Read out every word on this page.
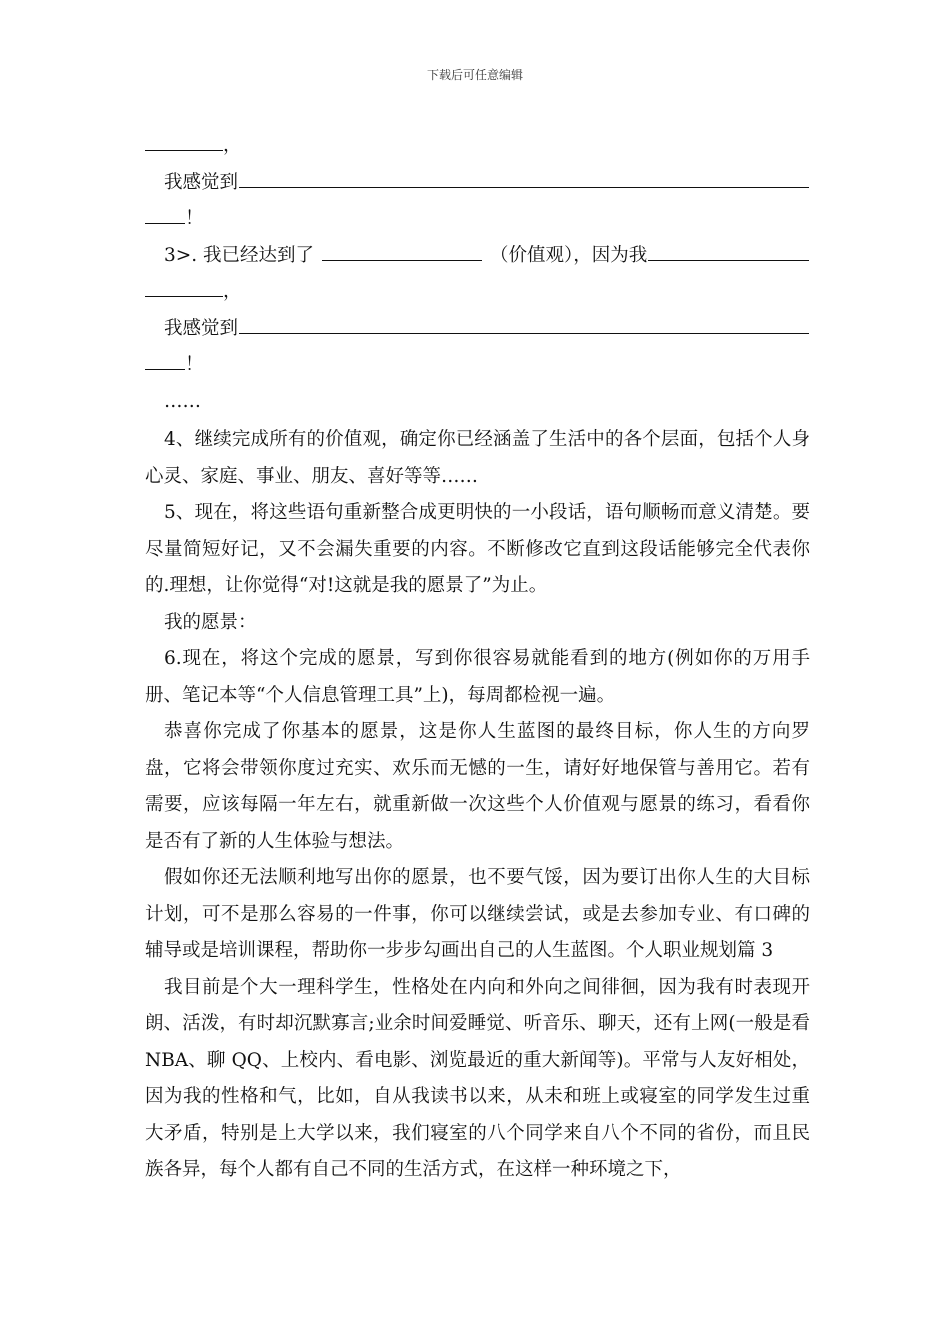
下载后可任意编辑
，
我感觉到
！
3>. 我已经达到了	（价值观），因为我
，
我感觉到
！
……
4、继续完成所有的价值观，确定你已经涵盖了生活中的各个层面，包括个人身心灵、家庭、事业、朋友、喜好等等……
5、现在，将这些语句重新整合成更明快的一小段话，语句顺畅而意义清楚。要尽量简短好记，又不会漏失重要的内容。不断修改它直到这段话能够完全代表你的.理想，让你觉得“对!这就是我的愿景了”为止。
我的愿景：
6.现在，将这个完成的愿景，写到你很容易就能看到的地方(例如你的万用手册、笔记本等“个人信息管理工具”上)，每周都检视一遍。
恭喜你完成了你基本的愿景，这是你人生蓝图的最终目标，你人生的方向罗盘，它将会带领你度过充实、欢乐而无憾的一生，请好好地保管与善用它。若有需要，应该每隔一年左右，就重新做一次这些个人价值观与愿景的练习，看看你是否有了新的人生体验与想法。
假如你还无法顺利地写出你的愿景，也不要气馁，因为要订出你人生的大目标计划，可不是那么容易的一件事，你可以继续尝试，或是去参加专业、有口碑的辅导或是培训课程，帮助你一步步勾画出自己的人生蓝图。个人职业规划篇 3
我目前是个大一理科学生，性格处在内向和外向之间徘徊，因为我有时表现开朗、活泼，有时却沉默寡言;业余时间爱睡觉、听音乐、聊天，还有上网(一般是看 NBA、聊 QQ、上校内、看电影、浏览最近的重大新闻等)。平常与人友好相处，因为我的性格和气，比如，自从我读书以来，从未和班上或寝室的同学发生过重大矛盾，特别是上大学以来，我们寝室的八个同学来自八个不同的省份，而且民族各异，每个人都有自己不同的生活方式，在这样一种环境之下，
